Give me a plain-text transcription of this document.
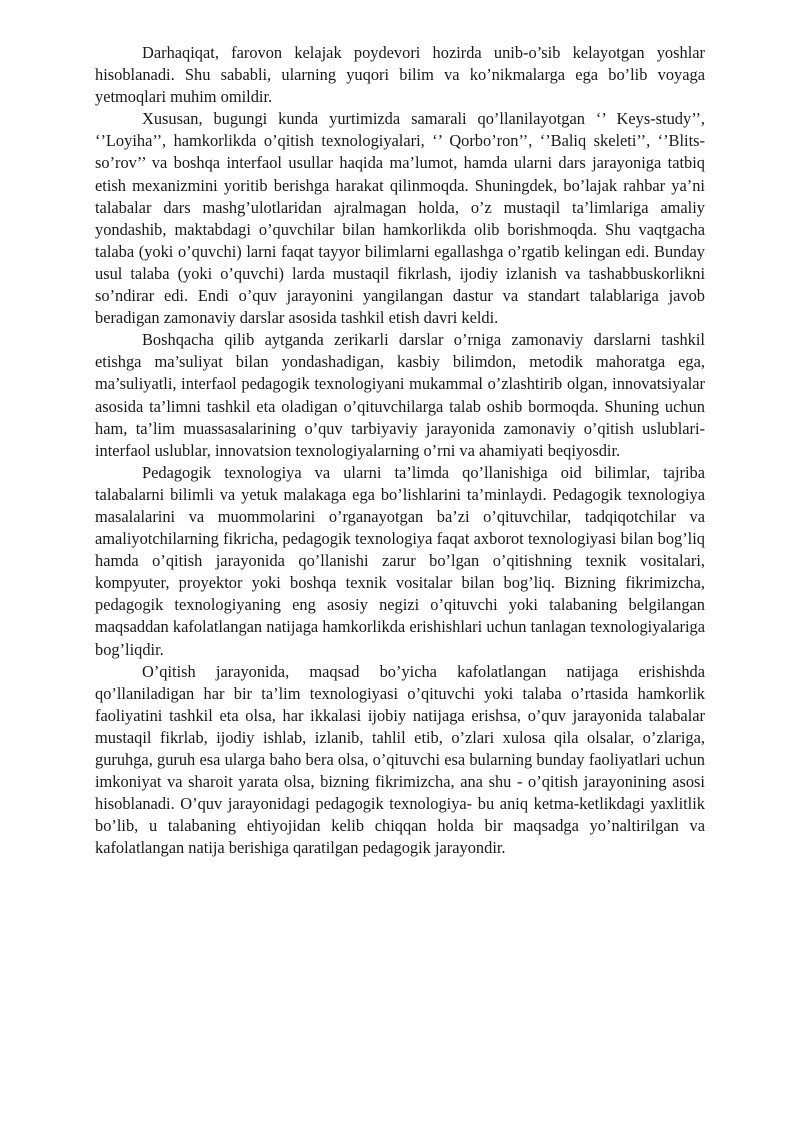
Darhaqiqat, farovon kelajak poydevori hozirda unib-o’sib kelayotgan yoshlar hisoblanadi. Shu sababli, ularning yuqori bilim va ko’nikmalarga ega bo’lib voyaga yetmoqlari muhim omildir.

Xususan, bugungi kunda yurtimizda samarali qo’llanilayotgan ‘’ Keys-study’’, ‘’Loyiha’’, hamkorlikda o’qitish texnologiyalari, ‘’ Qorbo’ron’’, ‘’Baliq skeleti’’, ‘’Blits-so’rov’’ va boshqa interfaol usullar haqida ma’lumot, hamda ularni dars jarayoniga tatbiq etish mexanizmini yoritib berishga harakat qilinmoqda. Shuningdek, bo’lajak rahbar ya’ni talabalar dars mashg’ulotlaridan ajralmagan holda, o’z mustaqil ta’limlariga amaliy yondashib, maktabdagi o’quvchilar bilan hamkorlikda olib borishmoqda. Shu vaqtgacha talaba (yoki o’quvchi) larni faqat tayyor bilimlarni egallashga o’rgatib kelingan edi. Bunday usul talaba (yoki o’quvchi) larda mustaqil fikrlash, ijodiy izlanish va tashabbuskorlikni so’ndirar edi. Endi o’quv jarayonini yangilangan dastur va standart talablariga javob beradigan zamonaviy darslar asosida tashkil etish davri keldi.

Boshqacha qilib aytganda zerikarli darslar o’rniga zamonaviy darslarni tashkil etishga ma’suliyat bilan yondashadigan, kasbiy bilimdon, metodik mahoratga ega, ma’suliyatli, interfaol pedagogik texnologiyani mukammal o’zlashtirib olgan, innovatsiyalar asosida ta’limni tashkil eta oladigan o’qituvchilarga talab oshib bormoqda. Shuning uchun ham, ta’lim muassasalarining o’quv tarbiyaviy jarayonida zamonaviy o’qitish uslublari-interfaol uslublar, innovatsion texnologiyalarning o’rni va ahamiyati beqiyosdir.

Pedagogik texnologiya va ularni ta’limda qo’llanishiga oid bilimlar, tajriba talabalarni bilimli va yetuk malakaga ega bo’lishlarini ta’minlaydi. Pedagogik texnologiya masalalarini va muommolarini o’rganayotgan ba’zi o’qituvchilar, tadqiqotchilar va amaliyotchilarning fikricha, pedagogik texnologiya faqat axborot texnologiyasi bilan bog’liq hamda o’qitish jarayonida qo’llanishi zarur bo’lgan o’qitishning texnik vositalari, kompyuter, proyektor yoki boshqa texnik vositalar bilan bog’liq. Bizning fikrimizcha, pedagogik texnologiyaning eng asosiy negizi o’qituvchi yoki talabaning belgilangan maqsaddan kafolatlangan natijaga hamkorlikda erishishlari uchun tanlagan texnologiyalariga bog’liqdir.

O’qitish jarayonida, maqsad bo’yicha kafolatlangan natijaga erishishda qo’llaniladigan har bir ta’lim texnologiyasi o’qituvchi yoki talaba o’rtasida hamkorlik faoliyatini tashkil eta olsa, har ikkalasi ijobiy natijaga erishsa, o’quv jarayonida talabalar mustaqil fikrlab, ijodiy ishlab, izlanib, tahlil etib, o’zlari xulosa qila olsalar, o’zlariga, guruhga, guruh esa ularga baho bera olsa, o’qituvchi esa bularning bunday faoliyatlari uchun imkoniyat va sharoit yarata olsa, bizning fikrimizcha, ana shu - o’qitish jarayonining asosi hisoblanadi. O’quv jarayonidagi pedagogik texnologiya- bu aniq ketma-ketlikdagi yaxlitlik bo’lib, u talabaning ehtiyojidan kelib chiqqan holda bir maqsadga yo’naltirilgan va kafolatlangan natija berishiga qaratilgan pedagogik jarayondir.
